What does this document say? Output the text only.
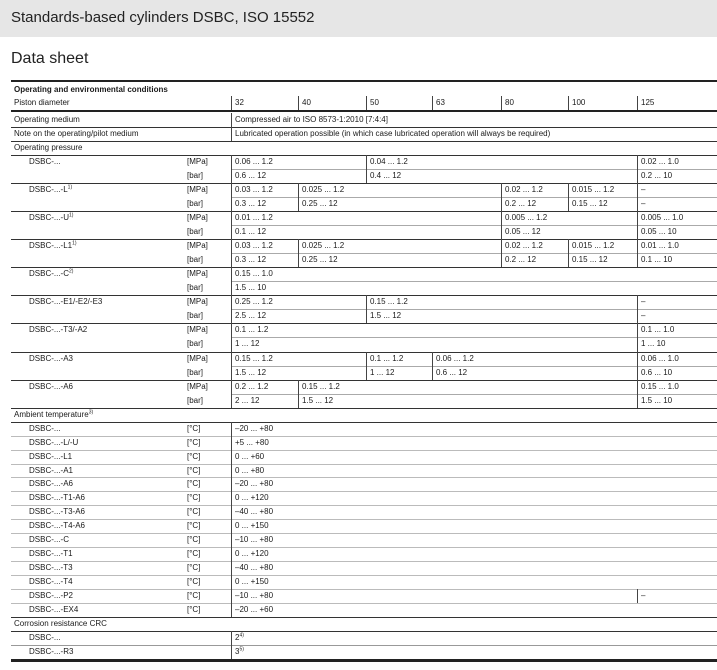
Standards-based cylinders DSBC, ISO 15552
Data sheet
Operating and environmental conditions
Piston diameter	32	40	50	63	80	100	125
Operating medium	Compressed air to ISO 8573-1:2010 [7:4:4]
Note on the operating/pilot medium	Lubricated operation possible (in which case lubricated operation will always be required)
Operating pressure
DSBC-...	[MPa]	0.06 ... 1.2	0.04 ... 1.2	0.02 ... 1.0
[bar]	0.6 ... 12	0.4 ... 12	0.2 ... 10
DSBC-$...-L^{1)}$	[MPa]	0.03 ... 1.2	0.025 ... 1.2	0.02 ... 1.2	0.015 ... 1.2	–
[bar]	0.3 ... 12	0.25 ... 12	0.2 ... 12	0.15 ... 12	–
DSBC-$...-U^{1)}$	[MPa]	0.01 ... 1.2	0.005 ... 1.2	0.005 ... 1.0
[bar]	0.1 ... 12	0.05 ... 12	0.05 ... 10
DSBC-...-L1$^{1)}$	[MPa]	0.03 ... 1.2	0.025 ... 1.2	0.02 ... 1.2	0.015 ... 1.2	0.01 ... 1.0
[bar]	0.3 ... 12	0.25 ... 12	0.2 ... 12	0.15 ... 12	0.1 ... 10
DSBC-$...-C^{2)}$	[MPa]	0.15 ... 1.0
[bar]	1.5 ... 10
DSBC-...-E1/-E2/-E3	[MPa]	0.25 ... 1.2	0.15 ... 1.2	–
[bar]	2.5 ... 12	1.5 ... 12	–
DSBC-...-T3/-A2	[MPa]	0.1 ... 1.2	0.1 ... 1.0
[bar]	1 ... 12	1 ... 10
DSBC-...-A3	[MPa]	0.15 ... 1.2	0.1 ... 1.2	0.06 ... 1.2	0.06 ... 1.0
[bar]	1.5 ... 12	1 ... 12	0.6 ... 12	0.6 ... 10
DSBC-...-A6	[MPa]	0.2 ... 1.2	0.15 ... 1.2	0.15 ... 1.0
[bar]	2 ... 12	1.5 ... 12	1.5 ... 10
Ambient temperature$^{3)}$
DSBC-...	[°C]	–20 ... +80
DSBC-...-L/-U	[°C]	+5 ... +80
DSBC-...-L1	[°C]	0 ... +60
DSBC-...-A1	[°C]	0 ... +80
DSBC-...-A6	[°C]	–20 ... +80
DSBC-...-T1-A6	[°C]	0 ... +120
DSBC-...-T3-A6	[°C]	–40 ... +80
DSBC-...-T4-A6	[°C]	0 ... +150
DSBC-...-C	[°C]	–10 ... +80
DSBC-...-T1	[°C]	0 ... +120
DSBC-...-T3	[°C]	–40 ... +80
DSBC-...-T4	[°C]	0 ... +150
DSBC-...-P2	[°C]	–10 ... +80	–
DSBC-...-EX4	[°C]	–20 ... +60
Corrosion resistance CRC
DSBC-...	2$^{4)}$
DSBC-...-R3	3$^{5)}$
